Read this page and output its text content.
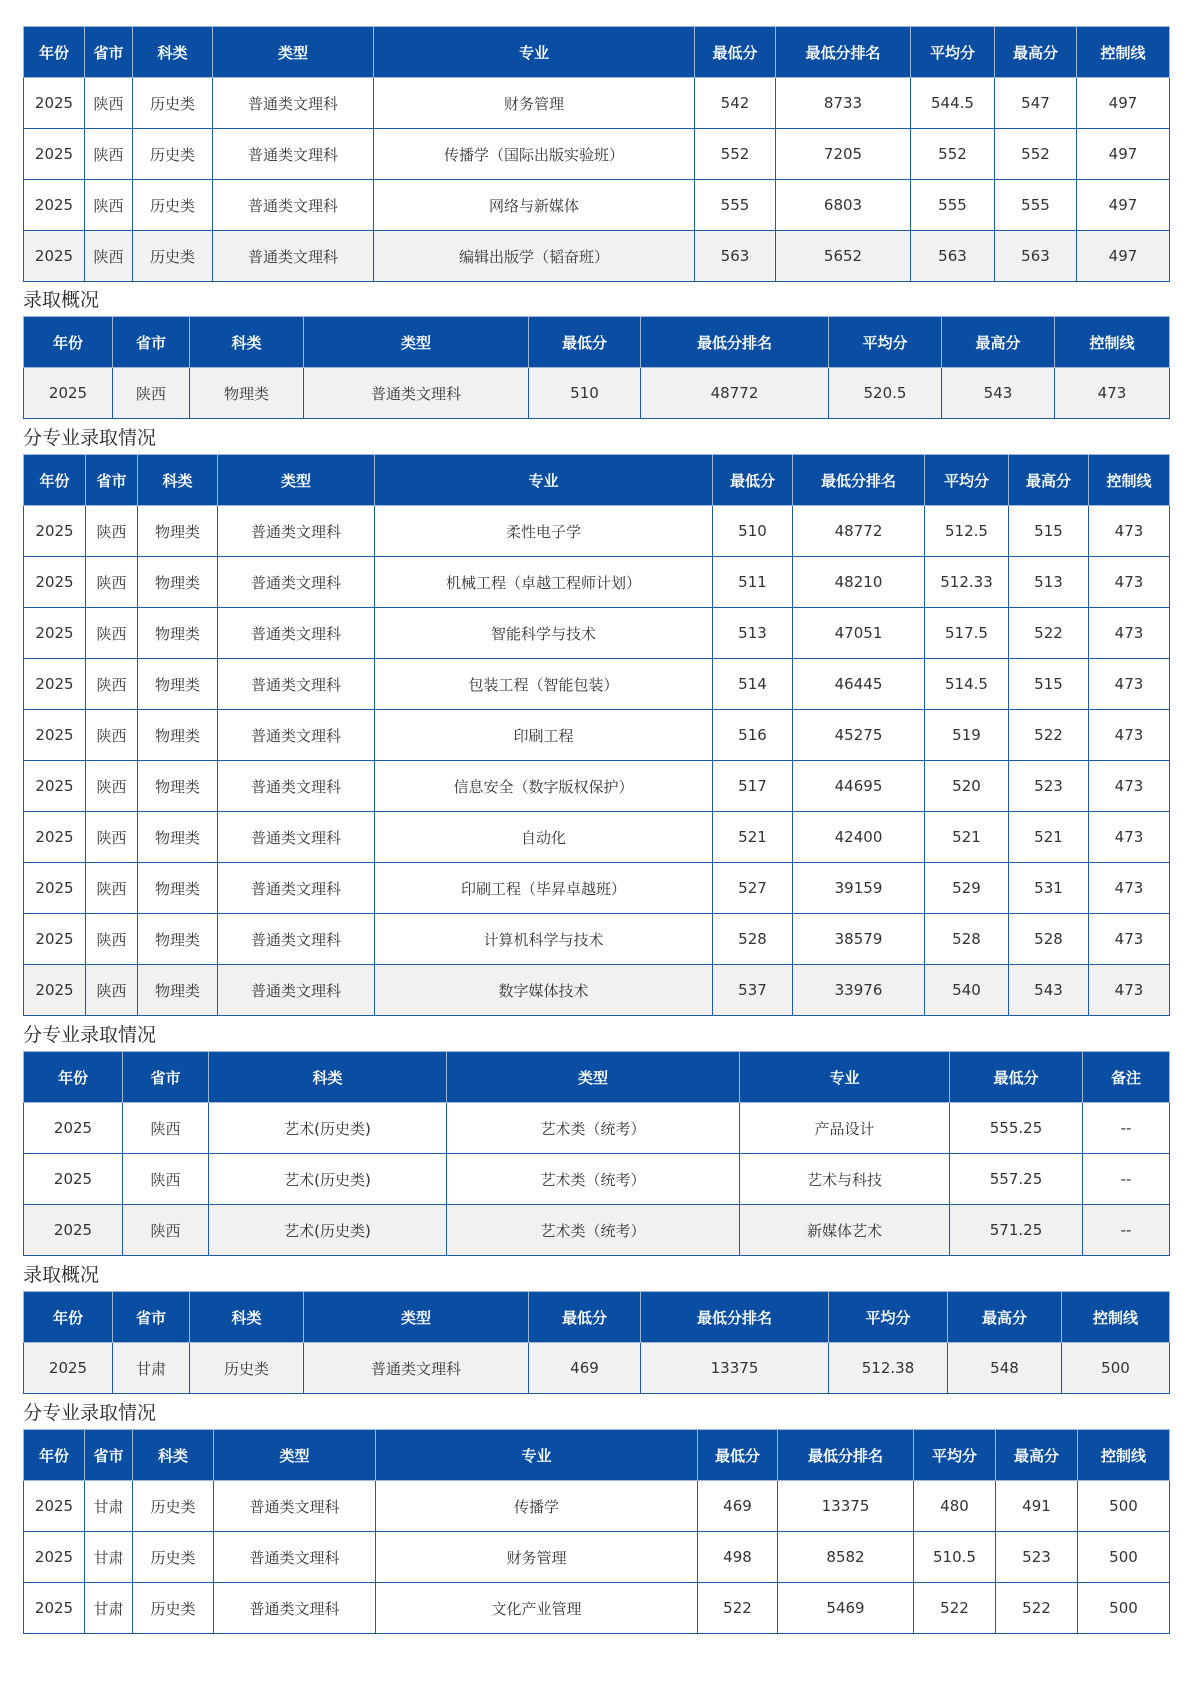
年份	省市	科类	类型	专业	最低分	最低分排名	平均分	最高分	控制线
2025	陕西	历史类	普通类文理科	财务管理	542	8733	544.5	547	497
2025	陕西	历史类	普通类文理科	传播学（国际出版实验班）	552	7205	552	552	497
2025	陕西	历史类	普通类文理科	网络与新媒体	555	6803	555	555	497
2025	陕西	历史类	普通类文理科	编辑出版学（韬奋班）	563	5652	563	563	497
录取概况
年份	省市	科类	类型	最低分	最低分排名	平均分	最高分	控制线
2025	陕西	物理类	普通类文理科	510	48772	520.5	543	473
分专业录取情况
年份	省市	科类	类型	专业	最低分	最低分排名	平均分	最高分	控制线
2025	陕西	物理类	普通类文理科	柔性电子学	510	48772	512.5	515	473
2025	陕西	物理类	普通类文理科	机械工程（卓越工程师计划）	511	48210	512.33	513	473
2025	陕西	物理类	普通类文理科	智能科学与技术	513	47051	517.5	522	473
2025	陕西	物理类	普通类文理科	包装工程（智能包装）	514	46445	514.5	515	473
2025	陕西	物理类	普通类文理科	印刷工程	516	45275	519	522	473
2025	陕西	物理类	普通类文理科	信息安全（数字版权保护）	517	44695	520	523	473
2025	陕西	物理类	普通类文理科	自动化	521	42400	521	521	473
2025	陕西	物理类	普通类文理科	印刷工程（毕昇卓越班）	527	39159	529	531	473
2025	陕西	物理类	普通类文理科	计算机科学与技术	528	38579	528	528	473
2025	陕西	物理类	普通类文理科	数字媒体技术	537	33976	540	543	473
分专业录取情况
年份	省市	科类	类型	专业	最低分	备注
2025	陕西	艺术(历史类)	艺术类（统考）	产品设计	555.25	--
2025	陕西	艺术(历史类)	艺术类（统考）	艺术与科技	557.25	--
2025	陕西	艺术(历史类)	艺术类（统考）	新媒体艺术	571.25	--
录取概况
年份	省市	科类	类型	最低分	最低分排名	平均分	最高分	控制线
2025	甘肃	历史类	普通类文理科	469	13375	512.38	548	500
分专业录取情况
年份	省市	科类	类型	专业	最低分	最低分排名	平均分	最高分	控制线
2025	甘肃	历史类	普通类文理科	传播学	469	13375	480	491	500
2025	甘肃	历史类	普通类文理科	财务管理	498	8582	510.5	523	500
2025	甘肃	历史类	普通类文理科	文化产业管理	522	5469	522	522	500
